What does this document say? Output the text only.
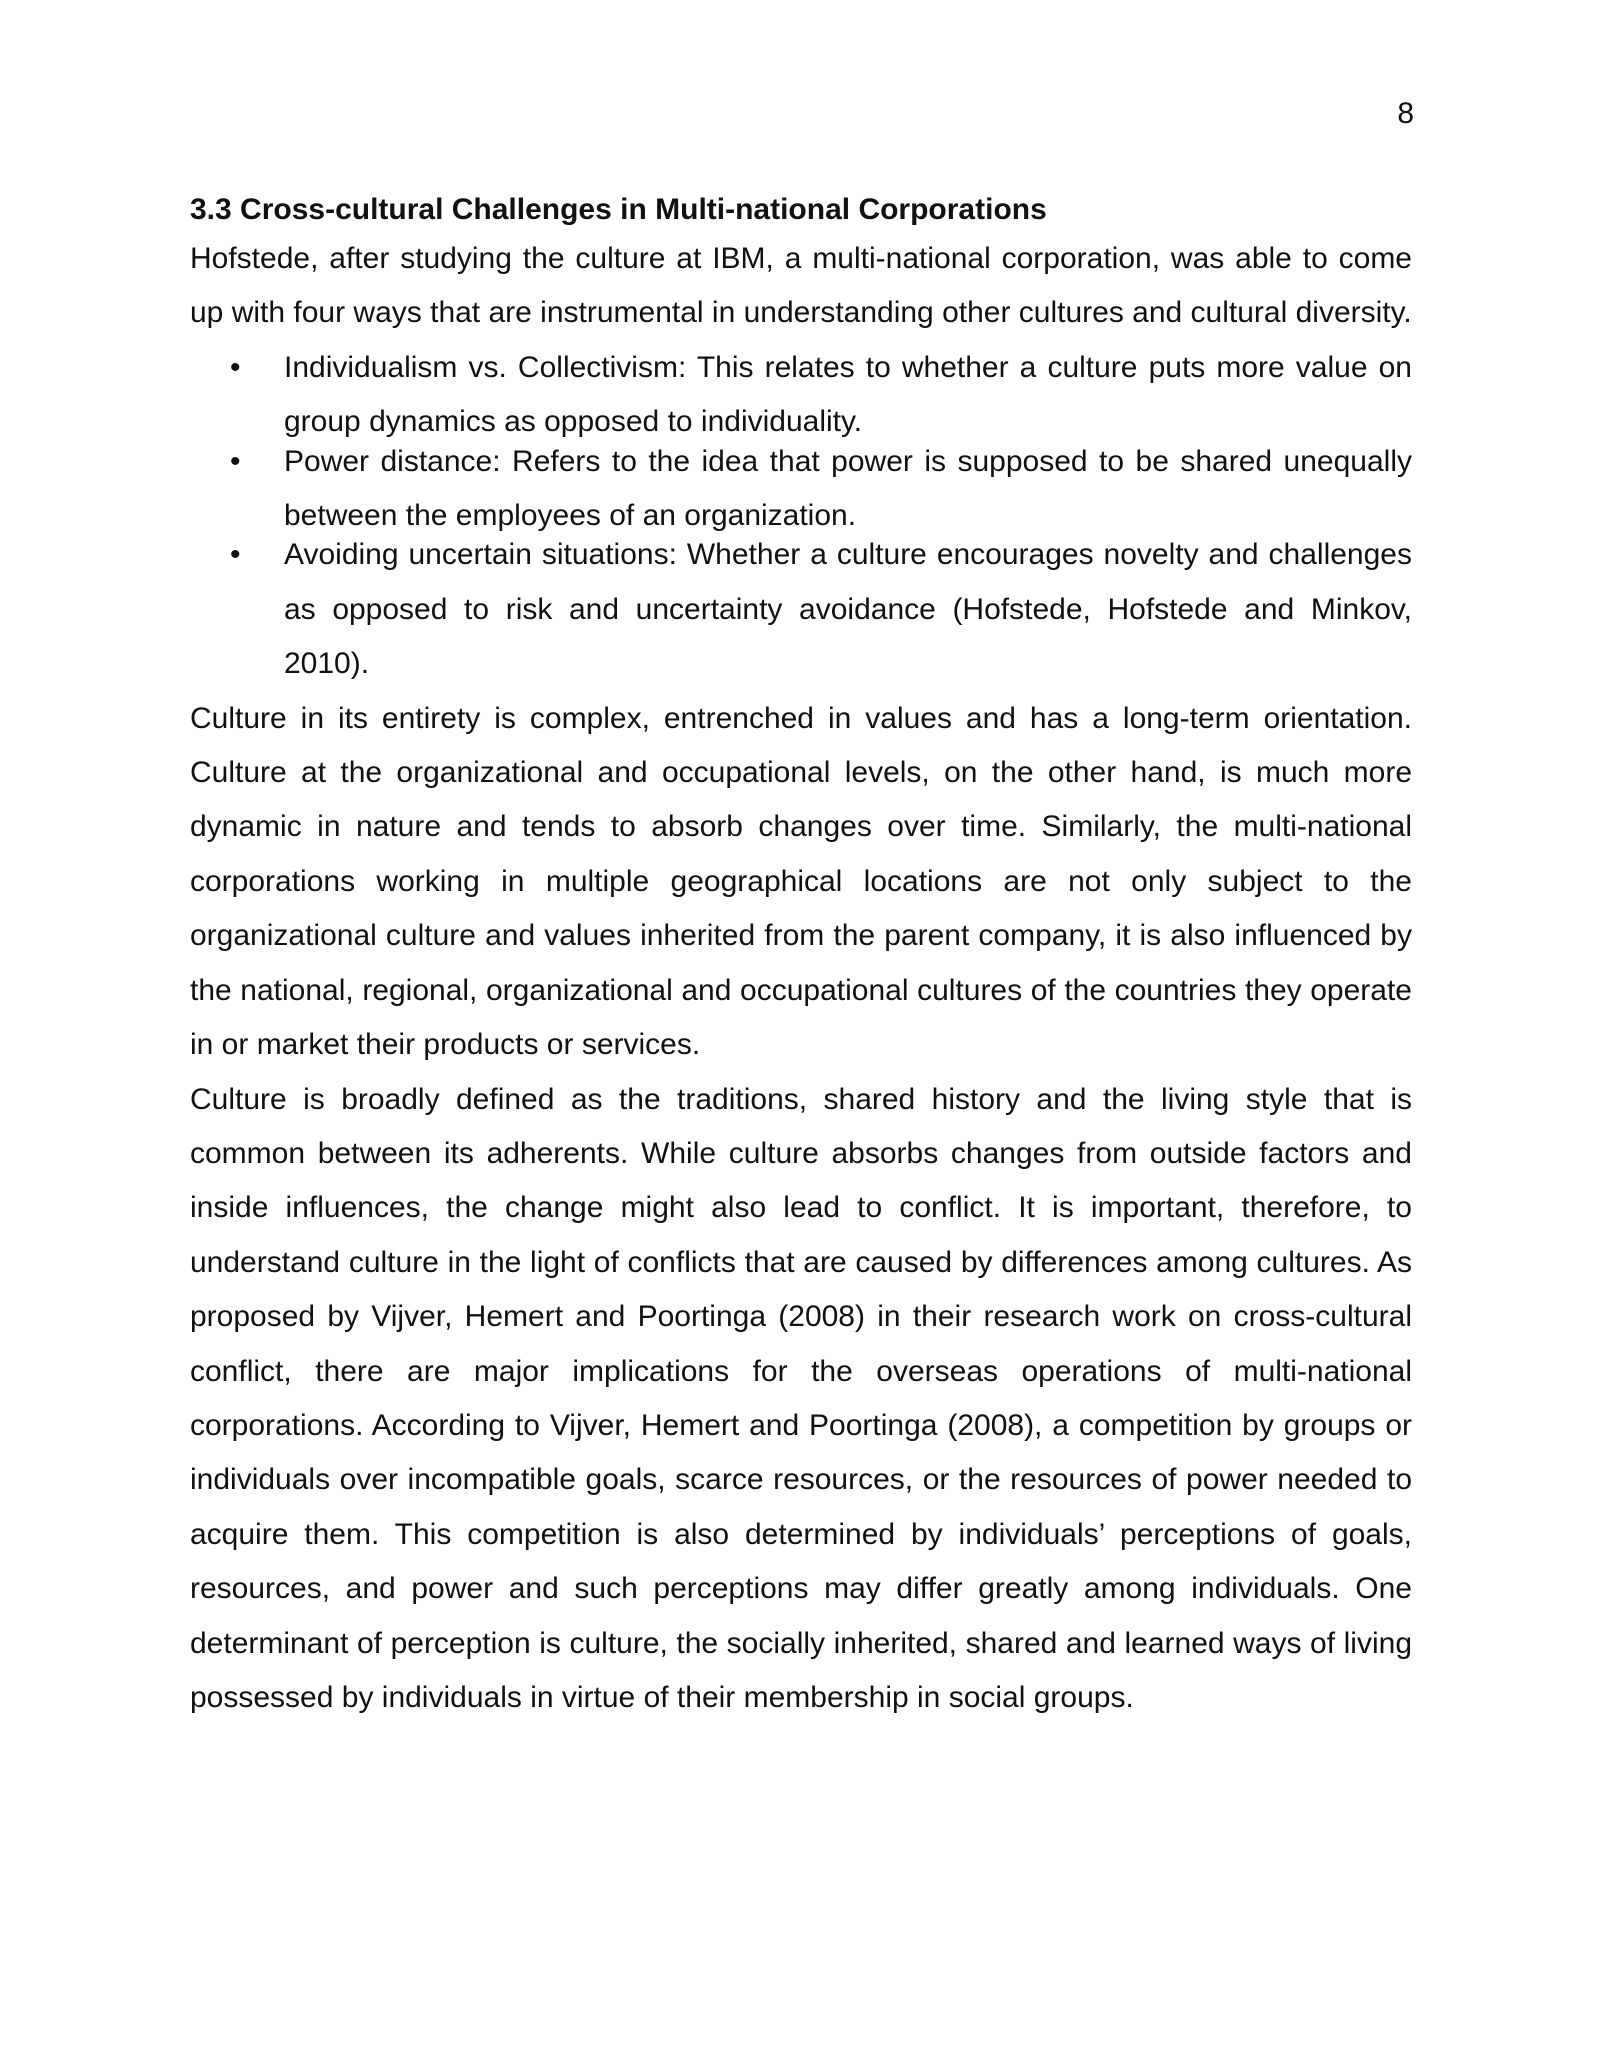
8
3.3 Cross-cultural Challenges in Multi-national Corporations

Hofstede, after studying the culture at IBM, a multi-national corporation, was able to come up with four ways that are instrumental in understanding other cultures and cultural diversity.

• Individualism vs. Collectivism: This relates to whether a culture puts more value on group dynamics as opposed to individuality.
• Power distance: Refers to the idea that power is supposed to be shared unequally between the employees of an organization.
• Avoiding uncertain situations: Whether a culture encourages novelty and challenges as opposed to risk and uncertainty avoidance (Hofstede, Hofstede and Minkov, 2010).

Culture in its entirety is complex, entrenched in values and has a long-term orientation. Culture at the organizational and occupational levels, on the other hand, is much more dynamic in nature and tends to absorb changes over time. Similarly, the multi-national corporations working in multiple geographical locations are not only subject to the organizational culture and values inherited from the parent company, it is also influenced by the national, regional, organizational and occupational cultures of the countries they operate in or market their products or services.

Culture is broadly defined as the traditions, shared history and the living style that is common between its adherents. While culture absorbs changes from outside factors and inside influences, the change might also lead to conflict. It is important, therefore, to understand culture in the light of conflicts that are caused by differences among cultures. As proposed by Vijver, Hemert and Poortinga (2008) in their research work on cross-cultural conflict, there are major implications for the overseas operations of multi-national corporations. According to Vijver, Hemert and Poortinga (2008), a competition by groups or individuals over incompatible goals, scarce resources, or the resources of power needed to acquire them. This competition is also determined by individuals’ perceptions of goals, resources, and power and such perceptions may differ greatly among individuals. One determinant of perception is culture, the socially inherited, shared and learned ways of living possessed by individuals in virtue of their membership in social groups.
